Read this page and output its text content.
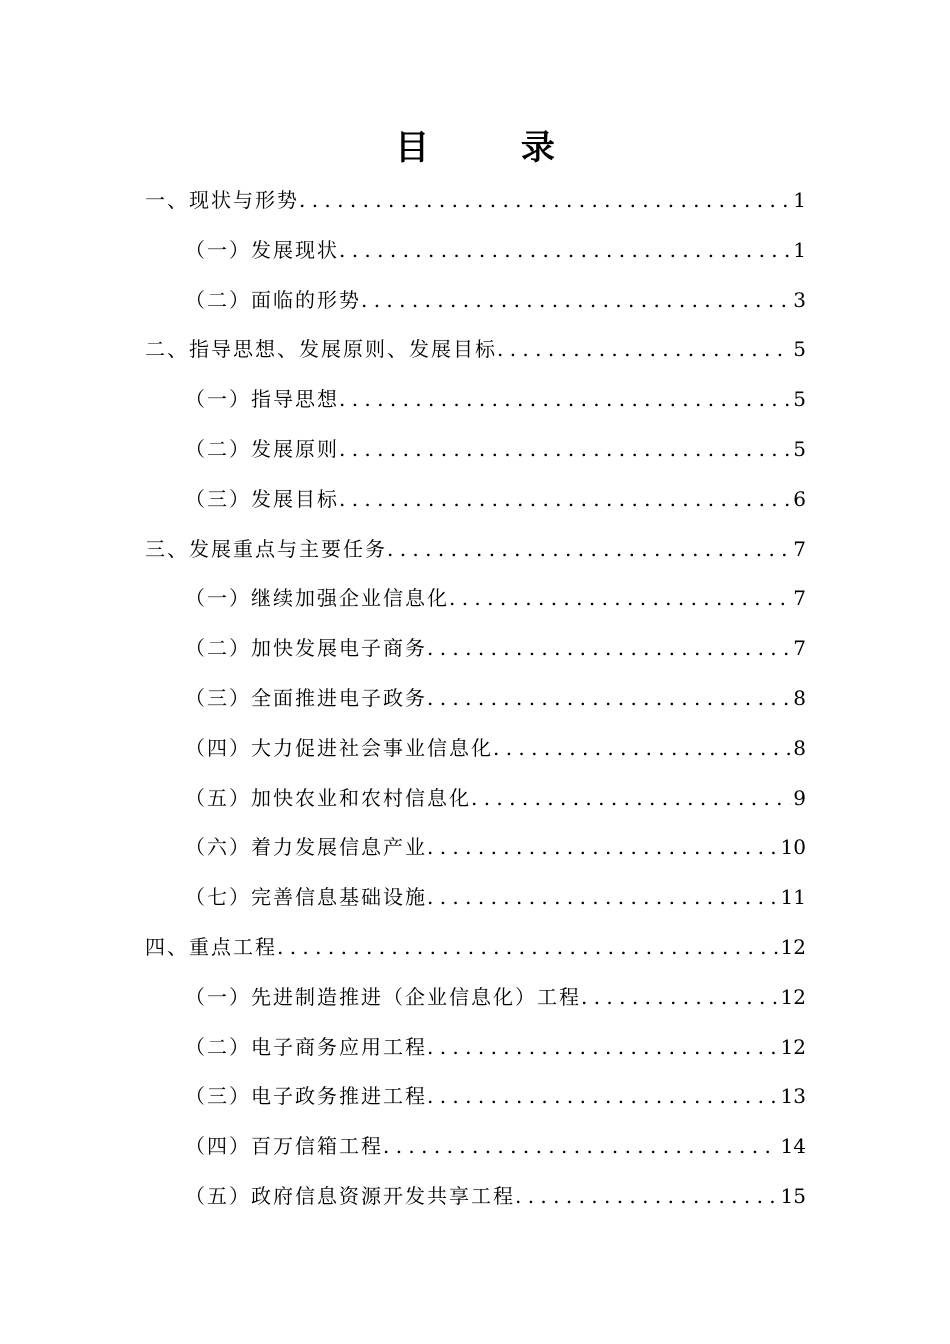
目 录
一、现状与形势 . . .	1
（一）发展现状 . . .	1
（二）面临的形势 . . .	3
二、指导思想、发展原则、发展目标 . . .	5
（一）指导思想 . . .	5
（二）发展原则 . . .	5
（三）发展目标 . . .	6
三、发展重点与主要任务 . . .	7
（一）继续加强企业信息化 . . .	7
（二）加快发展电子商务 . . .	7
（三）全面推进电子政务 . . .	8
（四）大力促进社会事业信息化 . . .	8
（五）加快农业和农村信息化 . . .	9
（六）着力发展信息产业 . . .	10
（七）完善信息基础设施 . . .	11
四、重点工程 . . .	12
（一）先进制造推进（企业信息化）工程 . . .	12
（二）电子商务应用工程 . . .	12
（三）电子政务推进工程 . . .	13
（四）百万信箱工程 . . .	14
（五）政府信息资源开发共享工程 . . .	15
